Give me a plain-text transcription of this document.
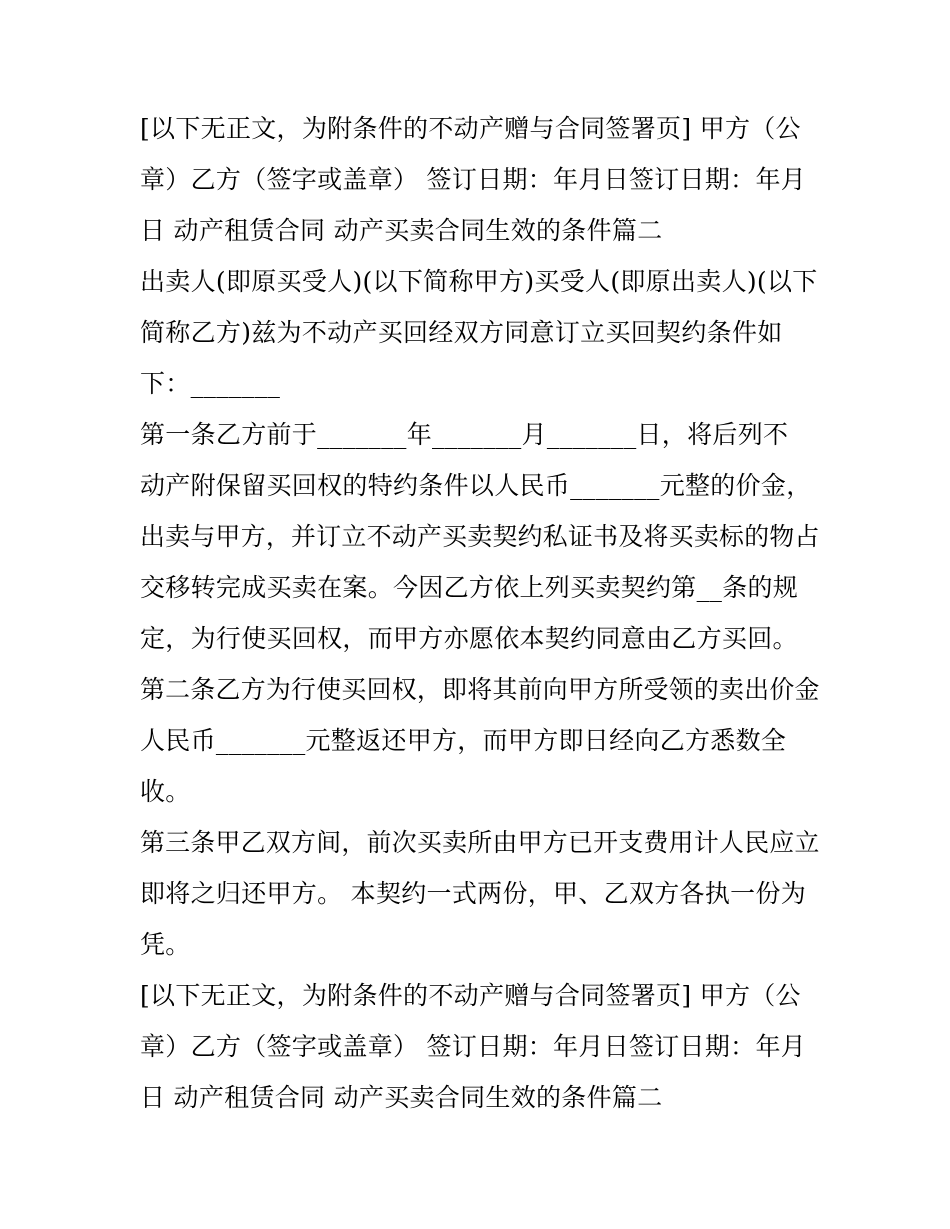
[以下无正文，为附条件的不动产赠与合同签署页] 甲方（公
章）乙方（签字或盖章） 签订日期：年月日签订日期：年月
日 动产租赁合同 动产买卖合同生效的条件篇二
出卖人(即原买受人)(以下简称甲方)买受人(即原出卖人)(以下
简称乙方)兹为不动产买回经双方同意订立买回契约条件如
下：_______
第一条乙方前于_______年_______月_______日，将后列不
动产附保留买回权的特约条件以人民币_______元整的价金，
出卖与甲方，并订立不动产买卖契约私证书及将买卖标的物占
交移转完成买卖在案。今因乙方依上列买卖契约第__条的规
定，为行使买回权，而甲方亦愿依本契约同意由乙方买回。
第二条乙方为行使买回权，即将其前向甲方所受领的卖出价金
人民币_______元整返还甲方，而甲方即日经向乙方悉数全
收。
第三条甲乙双方间，前次买卖所由甲方已开支费用计人民应立
即将之归还甲方。 本契约一式两份，甲、乙双方各执一份为
凭。
[以下无正文，为附条件的不动产赠与合同签署页] 甲方（公
章）乙方（签字或盖章） 签订日期：年月日签订日期：年月
日 动产租赁合同 动产买卖合同生效的条件篇二
